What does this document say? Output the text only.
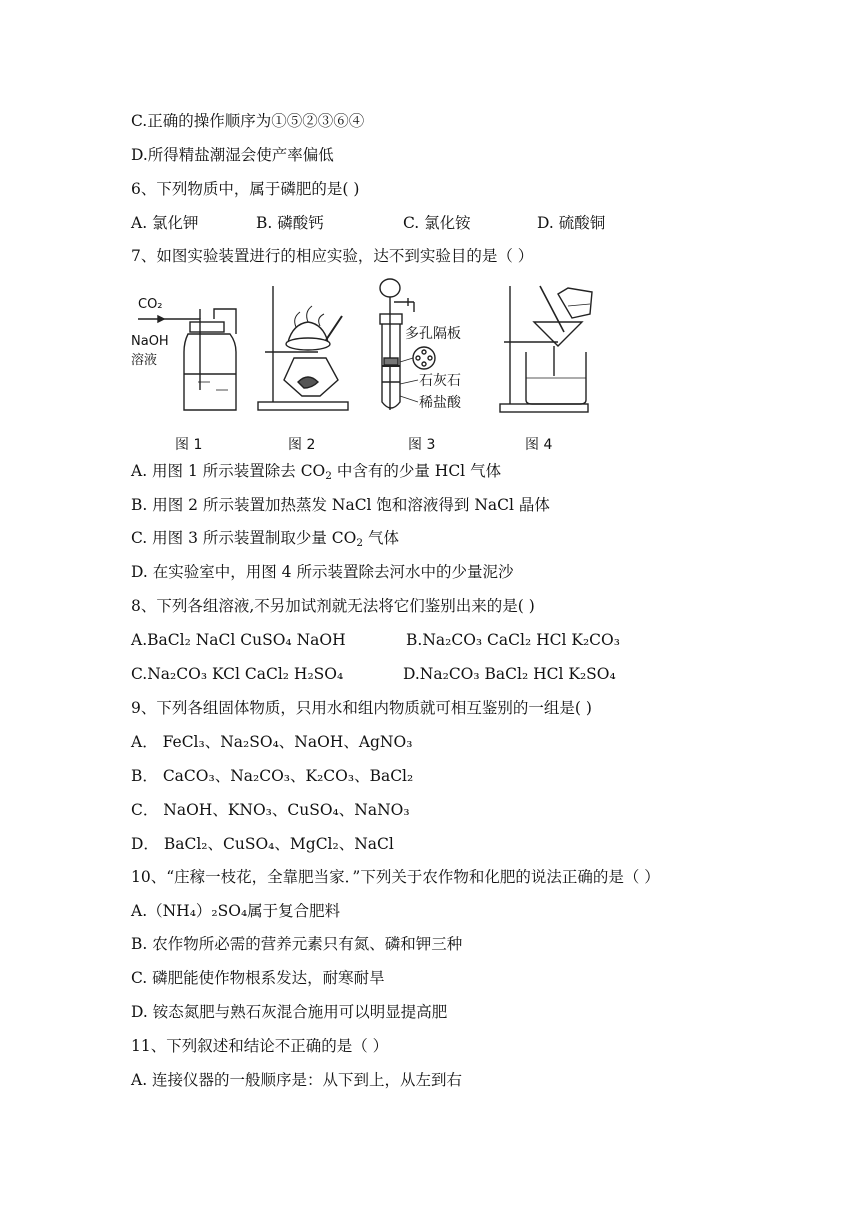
C.正确的操作顺序为①⑤②③⑥④
D.所得精盐潮湿会使产率偏低
6、下列物质中，属于磷肥的是( )
A. 氯化钾	B. 磷酸钙	C. 氯化铵	D. 硫酸铜
7、如图实验装置进行的相应实验，达不到实验目的是（ ）
CO₂
NaOH
溶液
多孔隔板
石灰石
稀盐酸
图 1	图 2	图 3	图 4
A. 用图 1 所示装置除去 $CO_2$ 中含有的少量 HCl 气体
B. 用图 2 所示装置加热蒸发 NaCl 饱和溶液得到 NaCl 晶体
C. 用图 3 所示装置制取少量 $CO_2$ 气体
D. 在实验室中，用图 4 所示装置除去河水中的少量泥沙
8、下列各组溶液,不另加试剂就无法将它们鉴别出来的是( )
A.BaCl₂ NaCl CuSO₄ NaOH	B.Na₂CO₃ CaCl₂ HCl K₂CO₃
C.Na₂CO₃ KCl CaCl₂ H₂SO₄	D.Na₂CO₃ BaCl₂ HCl K₂SO₄
9、下列各组固体物质，只用水和组内物质就可相互鉴别的一组是( )
A． FeCl₃、Na₂SO₄、NaOH、AgNO₃
B． CaCO₃、Na₂CO₃、K₂CO₃、BaCl₂
C． NaOH、KNO₃、CuSO₄、NaNO₃
D． BaCl₂、CuSO₄、MgCl₂、NaCl
10、“庄稼一枝花，全靠肥当家．”下列关于农作物和化肥的说法正确的是（ ）
A.（NH₄）₂SO₄属于复合肥料
B. 农作物所必需的营养元素只有氮、磷和钾三种
C. 磷肥能使作物根系发达，耐寒耐旱
D. 铵态氮肥与熟石灰混合施用可以明显提高肥
11、下列叙述和结论不正确的是（ ）
A. 连接仪器的一般顺序是：从下到上，从左到右
